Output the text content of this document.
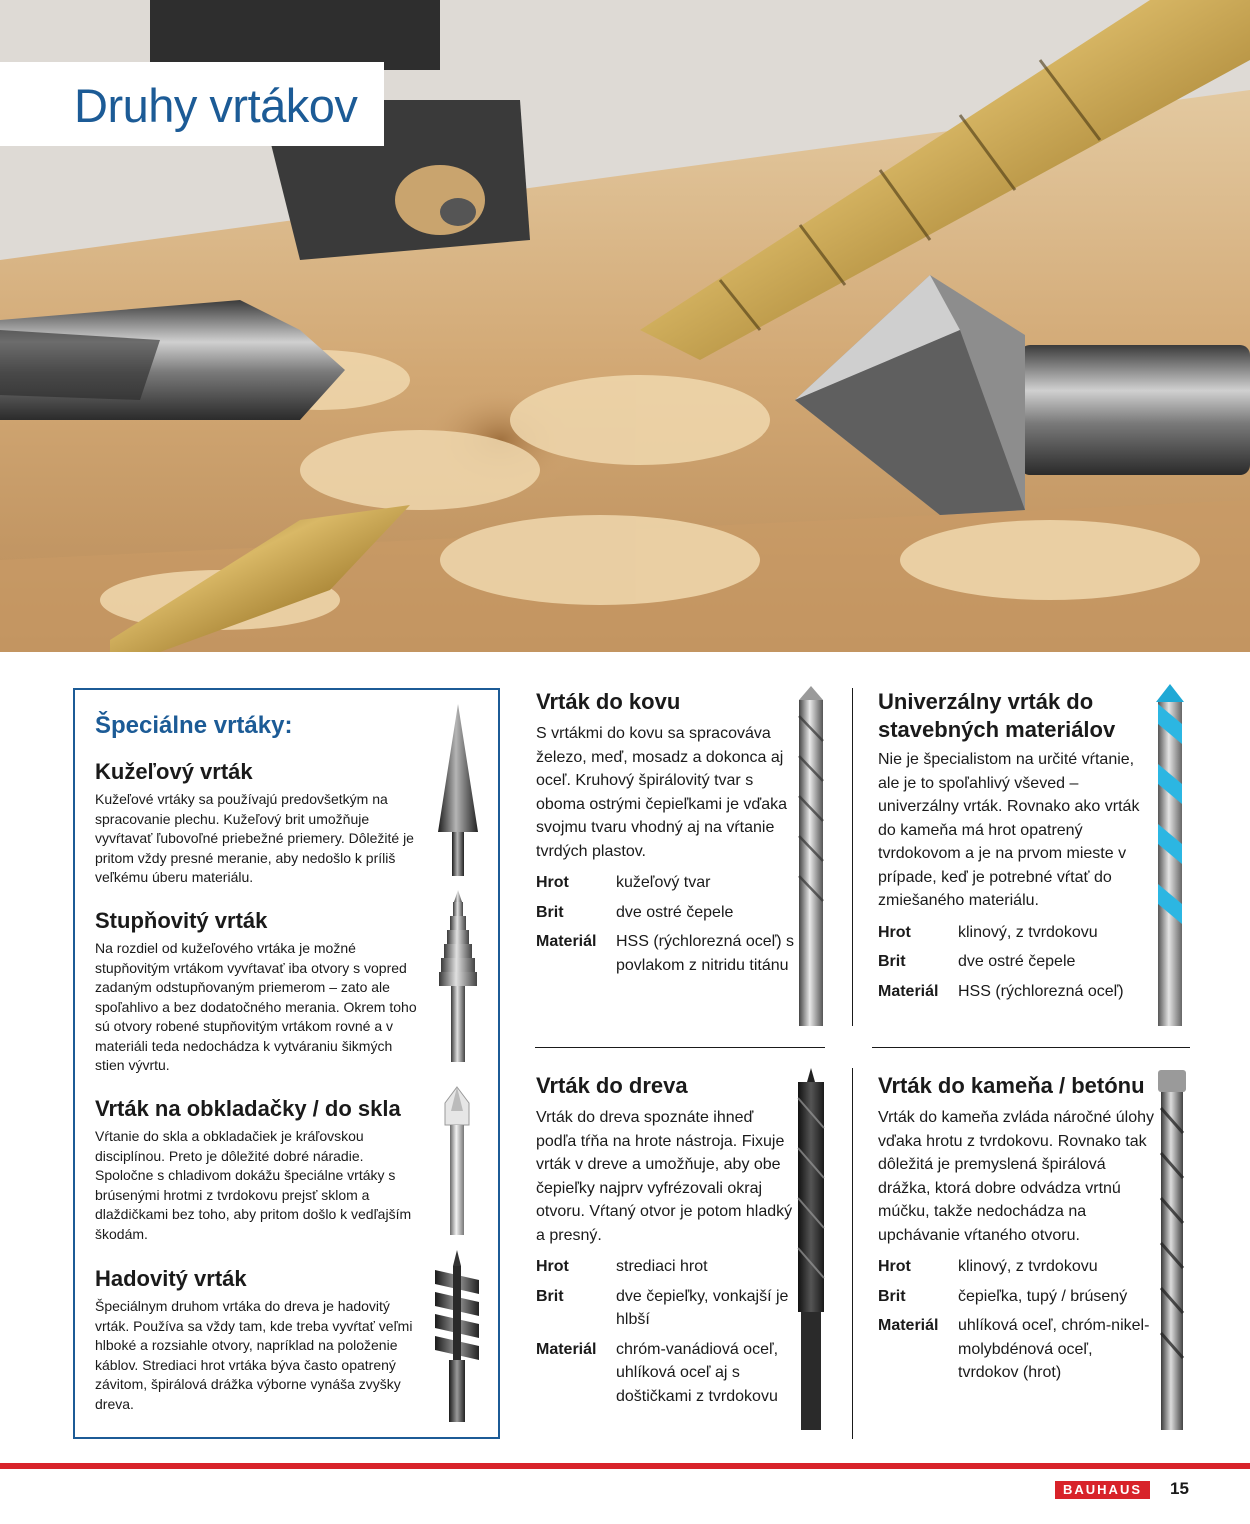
Druhy vrtákov
Špeciálne vrtáky:
Kužeľový vrták

Kužeľové vrtáky sa používajú predovšetkým na spracovanie plechu. Kužeľový brit umožňuje vyvŕtavať ľubovoľné priebežné priemery. Dôležité je pritom vždy presné meranie, aby nedošlo k príliš veľkému úberu materiálu.

Stupňovitý vrták

Na rozdiel od kužeľového vrtáka je možné stupňovitým vrtákom vyvŕtavať iba otvory s vopred zadaným odstupňovaným priemerom – zato ale spoľahlivo a bez dodatočného merania. Okrem toho sú otvory robené stupňovitým vrtákom rovné a v materiáli teda nedochádza k vytváraniu šikmých stien vývrtu.

Vrták na obkladačky / do skla

Vŕtanie do skla a obkladačiek je kráľovskou disciplínou. Preto je dôležité dobré náradie. Spoločne s chladivom dokážu špeciálne vrtáky s brúsenými hrotmi z tvrdokovu prejsť sklom a dlaždičkami bez toho, aby pritom došlo k vedľajším škodám.

Hadovitý vrták

Špeciálnym druhom vrtáka do dreva je hadovitý vrták. Používa sa vždy tam, kde treba vyvŕtať veľmi hlboké a rozsiahle otvory, napríklad na položenie káblov. Strediaci hrot vrtáka býva často opatrený závitom, špirálová drážka výborne vynáša zvyšky dreva.

Vrták do kovu

S vrtákmi do kovu sa spracováva železo, meď, mosadz a dokonca aj oceľ. Kruhový špirálovitý tvar s oboma ostrými čepieľkami je vďaka svojmu tvaru vhodný aj na vŕtanie tvrdých plastov.

Hrot	kužeľový tvar
Brit	dve ostré čepele
Materiál	HSS (rýchlorezná oceľ) s povlakom z nitridu titánu
Univerzálny vrták do stavebných materiálov

Nie je špecialistom na určité vŕtanie, ale je to spoľahlivý vševed – univerzálny vrták. Rovnako ako vrták do kameňa má hrot opatrený tvrdokovom a je na prvom mieste v prípade, keď je potrebné vŕtať do zmiešaného materiálu.

Hrot	klinový, z tvrdokovu
Brit	dve ostré čepele
Materiál	HSS (rýchlorezná oceľ)
Vrták do dreva

Vrták do dreva spoznáte ihneď podľa tŕňa na hrote nástroja. Fixuje vrták v dreve a umožňuje, aby obe čepieľky najprv vyfrézovali okraj otvoru. Vŕtaný otvor je potom hladký a presný.

Hrot	strediaci hrot
Brit	dve čepieľky, vonkajší je hlbší
Materiál	chróm-vanádiová oceľ, uhlíková oceľ aj s doštičkami z tvrdokovu
Vrták do kameňa / betónu

Vrták do kameňa zvláda náročné úlohy vďaka hrotu z tvrdokovu. Rovnako tak dôležitá je premyslená špirálová drážka, ktorá dobre odvádza vrtnú múčku, takže nedochádza na upchávanie vŕtaného otvoru.

Hrot	klinový, z tvrdokovu
Brit	čepieľka, tupý / brúsený
Materiál	uhlíková oceľ, chróm-nikel-molybdénová oceľ, tvrdokov (hrot)
BAUHAUS	15
